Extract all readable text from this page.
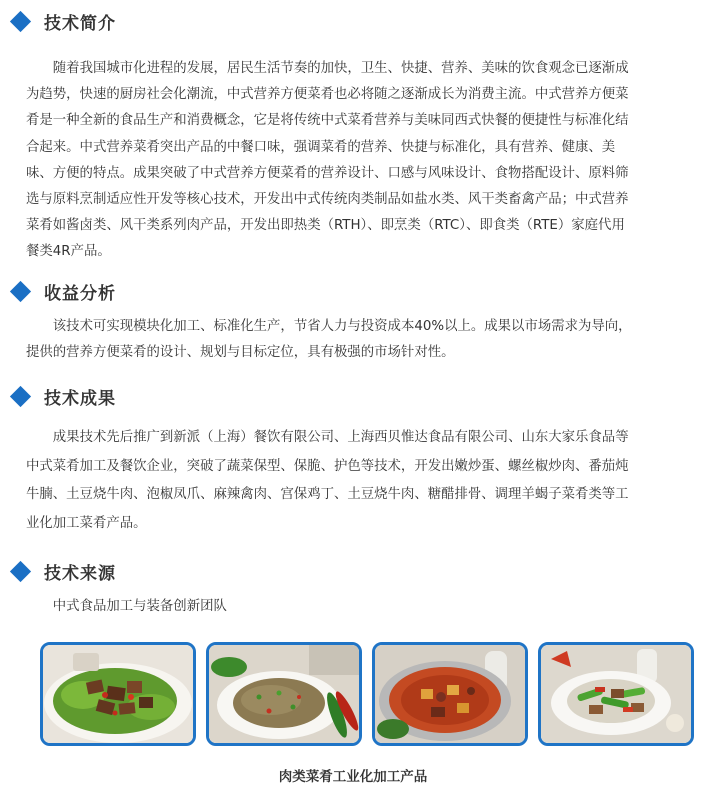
技术简介
随着我国城市化进程的发展，居民生活节奏的加快，卫生、快捷、营养、美味的饮食观念已逐渐成
为趋势，快速的厨房社会化潮流，中式营养方便菜肴也必将随之逐渐成长为消费主流。中式营养方便菜
肴是一种全新的食品生产和消费概念，它是将传统中式菜肴营养与美味同西式快餐的便捷性与标准化结
合起来。中式营养菜肴突出产品的中餐口味，强调菜肴的营养、快捷与标准化，具有营养、健康、美
味、方便的特点。成果突破了中式营养方便菜肴的营养设计、口感与风味设计、食物搭配设计、原料筛
选与原料烹制适应性开发等核心技术，开发出中式传统肉类制品如盐水类、风干类畜禽产品；中式营养
菜肴如酱卤类、风干类系列肉产品，开发出即热类（RTH）、即烹类（RTC）、即食类（RTE）家庭代用
餐类4R产品。
收益分析
该技术可实现模块化加工、标准化生产，节省人力与投资成本40%以上。成果以市场需求为导向，
提供的营养方便菜肴的设计、规划与目标定位，具有极强的市场针对性。
技术成果
成果技术先后推广到新派（上海）餐饮有限公司、上海西贝惟达食品有限公司、山东大家乐食品等
中式菜肴加工及餐饮企业，突破了蔬菜保型、保脆、护色等技术，开发出嫩炒蛋、螺丝椒炒肉、番茄炖
牛腩、土豆烧牛肉、泡椒凤爪、麻辣禽肉、宫保鸡丁、土豆烧牛肉、糖醋排骨、调理羊蝎子菜肴类等工
业化加工菜肴产品。
技术来源
中式食品加工与装备创新团队
肉类菜肴工业化加工产品
